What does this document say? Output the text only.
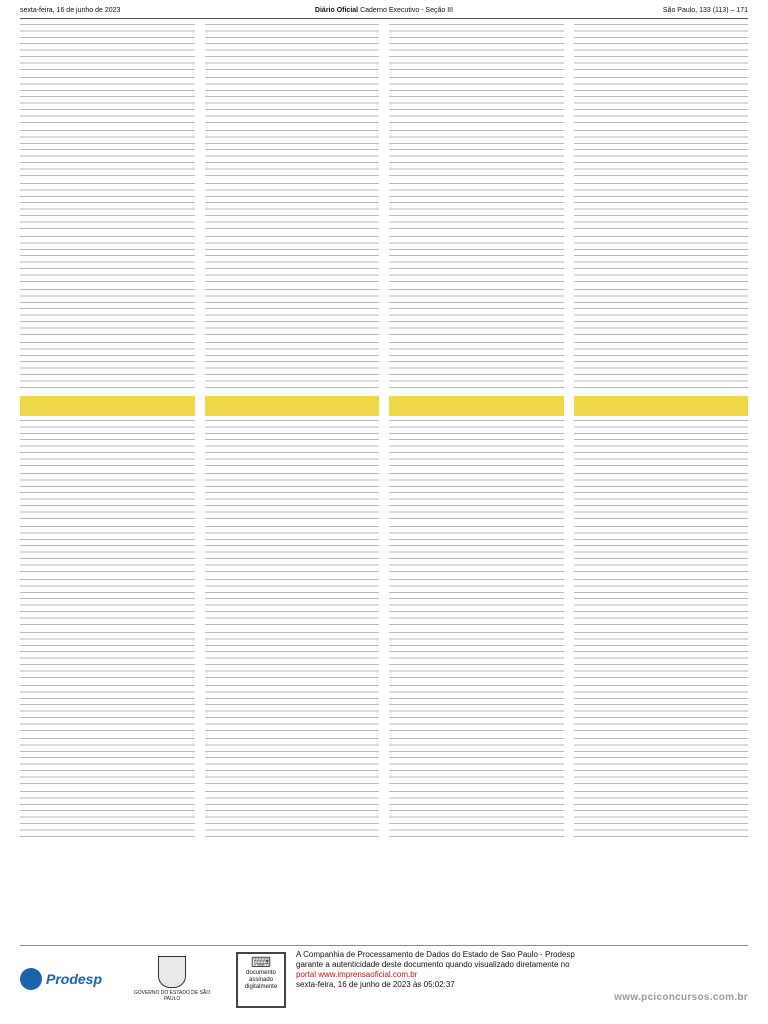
sexta-feira, 16 de junho de 2023	Diário Oficial Caderno Executivo - Seção III	São Paulo, 133 (113) – 171

Prodesp
GOVERNO DO ESTADO DE SÃO PAULO
⌨
documento assinado digitalmente
A Companhia de Processamento de Dados do Estado de Sao Paulo - Prodesp
garante a autenticidade deste documento quando visualizado diretamente no
portal www.imprensaoficial.com.br
sexta-feira, 16 de junho de 2023 às 05:02:37
www.pciconcursos.com.br
